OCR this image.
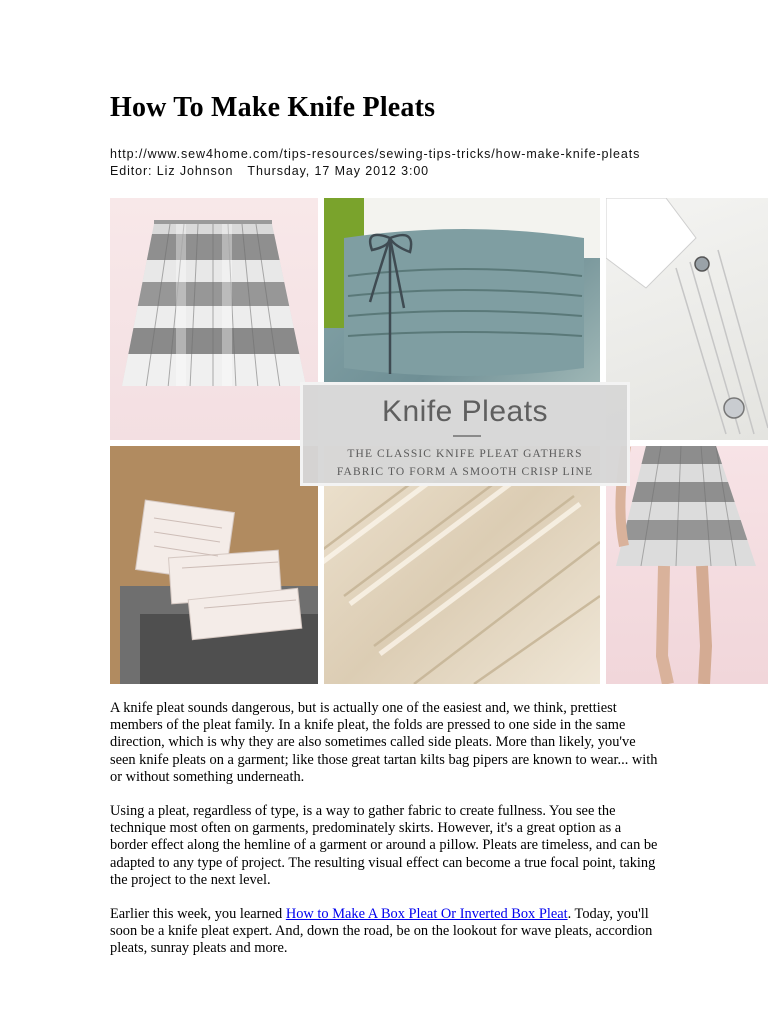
How To Make Knife Pleats
http://www.sew4home.com/tips-resources/sewing-tips-tricks/how-make-knife-pleats
Editor: Liz Johnson Thursday, 17 May 2012 3:00
Knife Pleats
THE CLASSIC KNIFE PLEAT GATHERS
FABRIC TO FORM A SMOOTH CRISP LINE

A knife pleat sounds dangerous, but is actually one of the easiest and, we think, prettiest members of the pleat family. In a knife pleat, the folds are pressed to one side in the same direction, which is why they are also sometimes called side pleats. More than likely, you've seen knife pleats on a garment; like those great tartan kilts bag pipers are known to wear... with or without something underneath.

Using a pleat, regardless of type, is a way to gather fabric to create fullness. You see the technique most often on garments, predominately skirts. However, it's a great option as a border effect along the hemline of a garment or around a pillow. Pleats are timeless, and can be adapted to any type of project. The resulting visual effect can become a true focal point, taking the project to the next level.

Earlier this week, you learned How to Make A Box Pleat Or Inverted Box Pleat. Today, you'll soon be a knife pleat expert. And, down the road, be on the lookout for wave pleats, accordion pleats, sunray pleats and more.
